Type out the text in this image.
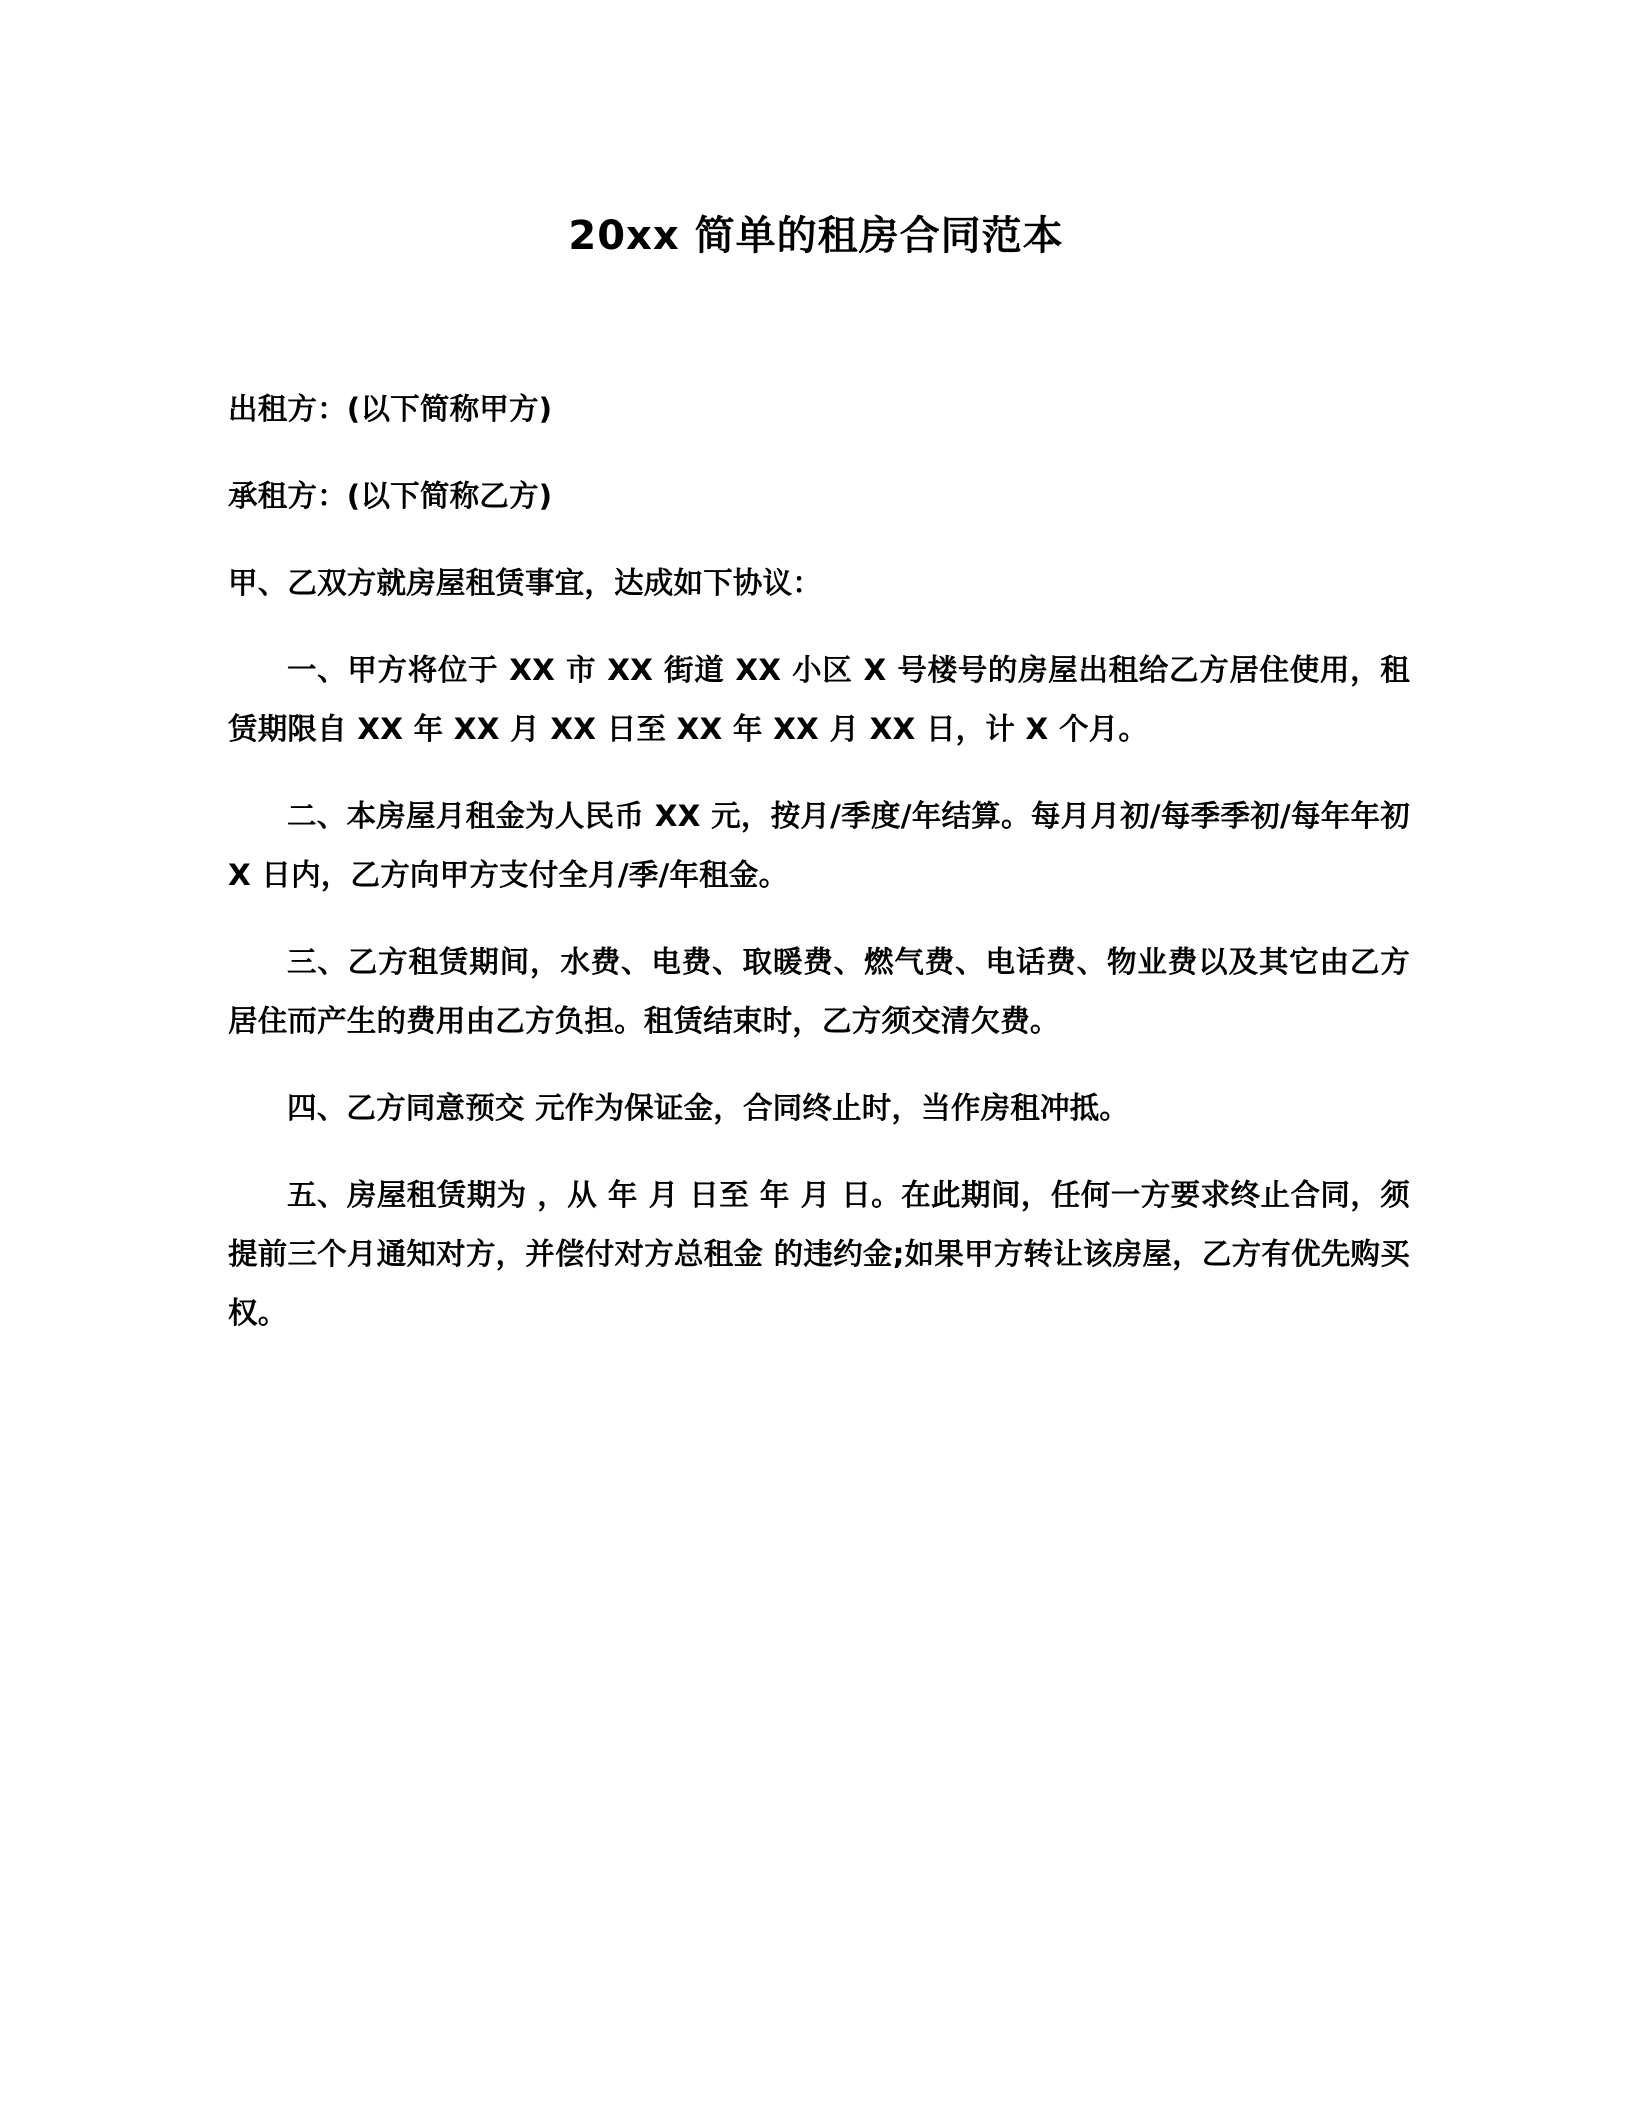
20xx 简单的租房合同范本

出租方：(以下简称甲方)

承租方：(以下简称乙方)

甲、乙双方就房屋租赁事宜，达成如下协议：

一、甲方将位于 XX 市 XX 街道 XX 小区 X 号楼号的房屋出租给乙方居住使用，租赁期限自 XX 年 XX 月 XX 日至 XX 年 XX 月 XX 日，计 X 个月。

二、本房屋月租金为人民币 XX 元，按月/季度/年结算。每月月初/每季季初/每年年初 X 日内，乙方向甲方支付全月/季/年租金。

三、乙方租赁期间，水费、电费、取暖费、燃气费、电话费、物业费以及其它由乙方居住而产生的费用由乙方负担。租赁结束时，乙方须交清欠费。

四、乙方同意预交 元作为保证金，合同终止时，当作房租冲抵。

五、房屋租赁期为 ，从 年 月 日至 年 月 日。在此期间，任何一方要求终止合同，须提前三个月通知对方，并偿付对方总租金 的违约金;如果甲方转让该房屋，乙方有优先购买权。
